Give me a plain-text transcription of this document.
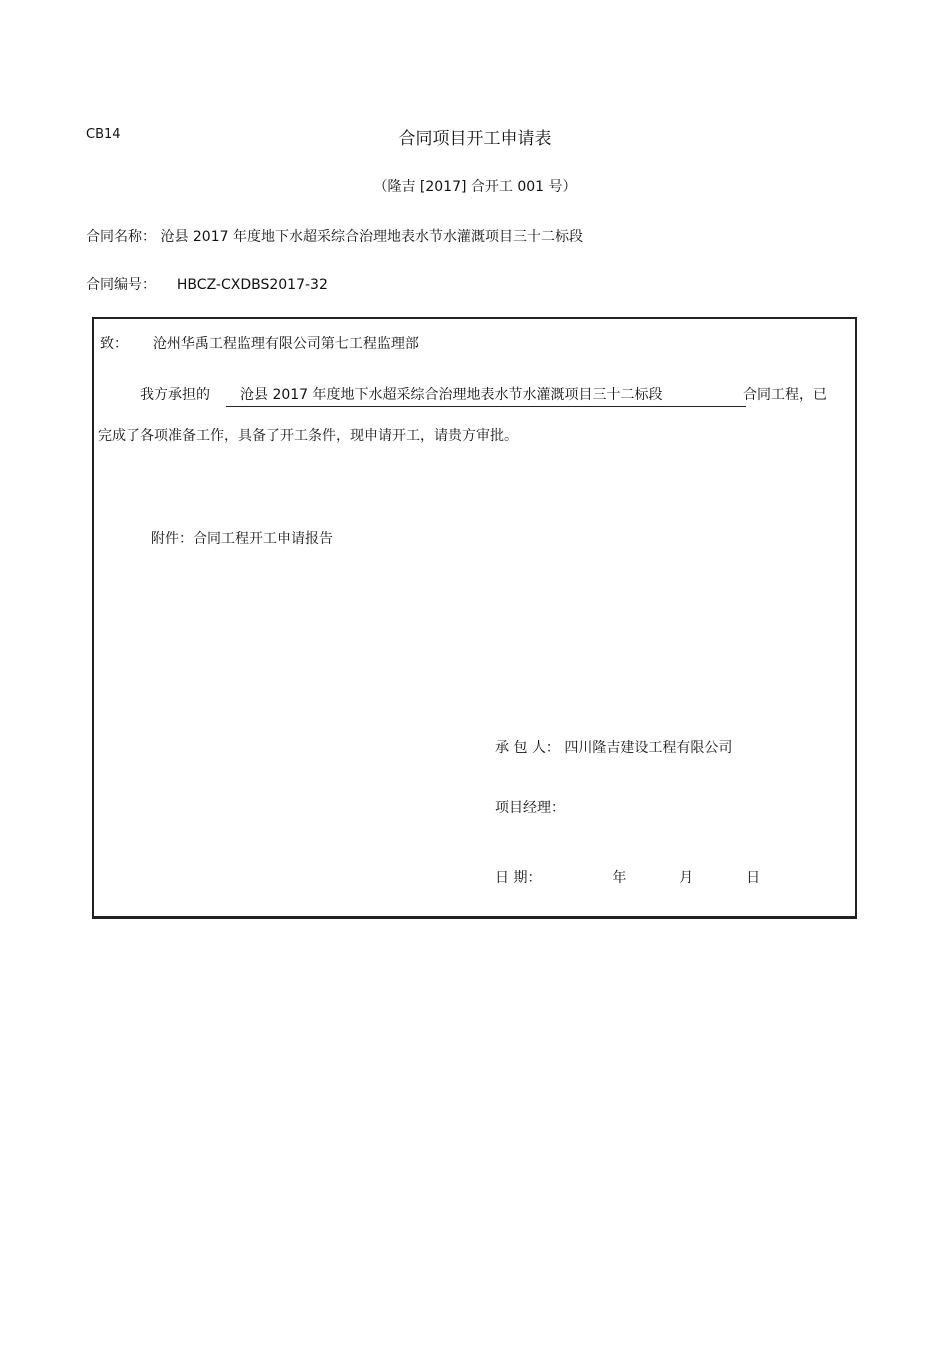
CB14	合同项目开工申请表
（隆吉 [2017] 合开工 001 号）
合同名称： 沧县 2017 年度地下水超采综合治理地表水节水灌溉项目三十二标段
合同编号： HBCZ-CXDBS2017-32
致： 沧州华禹工程监理有限公司第七工程监理部
我方承担的	沧县 2017 年度地下水超采综合治理地表水节水灌溉项目三十二标段	合同工程，已
完成了各项准备工作，具备了开工条件，现申请开工，请贵方审批。
附件：合同工程开工申请报告
承 包 人： 四川隆吉建设工程有限公司
项目经理：
日 期：	年	月	日
